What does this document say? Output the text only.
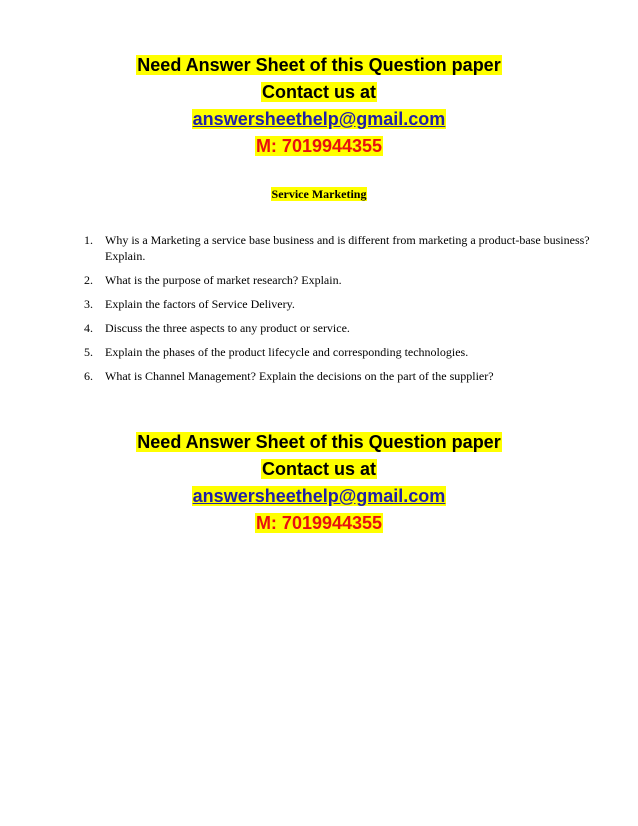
Need Answer Sheet of this Question paper
Contact us at
answersheethelp@gmail.com
M: 7019944355
Service Marketing
1. Why is a Marketing a service base business and is different from marketing a product-base business? Explain.
2. What is the purpose of market research? Explain.
3. Explain the factors of Service Delivery.
4. Discuss the three aspects to any product or service.
5. Explain the phases of the product lifecycle and corresponding technologies.
6. What is Channel Management? Explain the decisions on the part of the supplier?
Need Answer Sheet of this Question paper
Contact us at
answersheethelp@gmail.com
M: 7019944355
